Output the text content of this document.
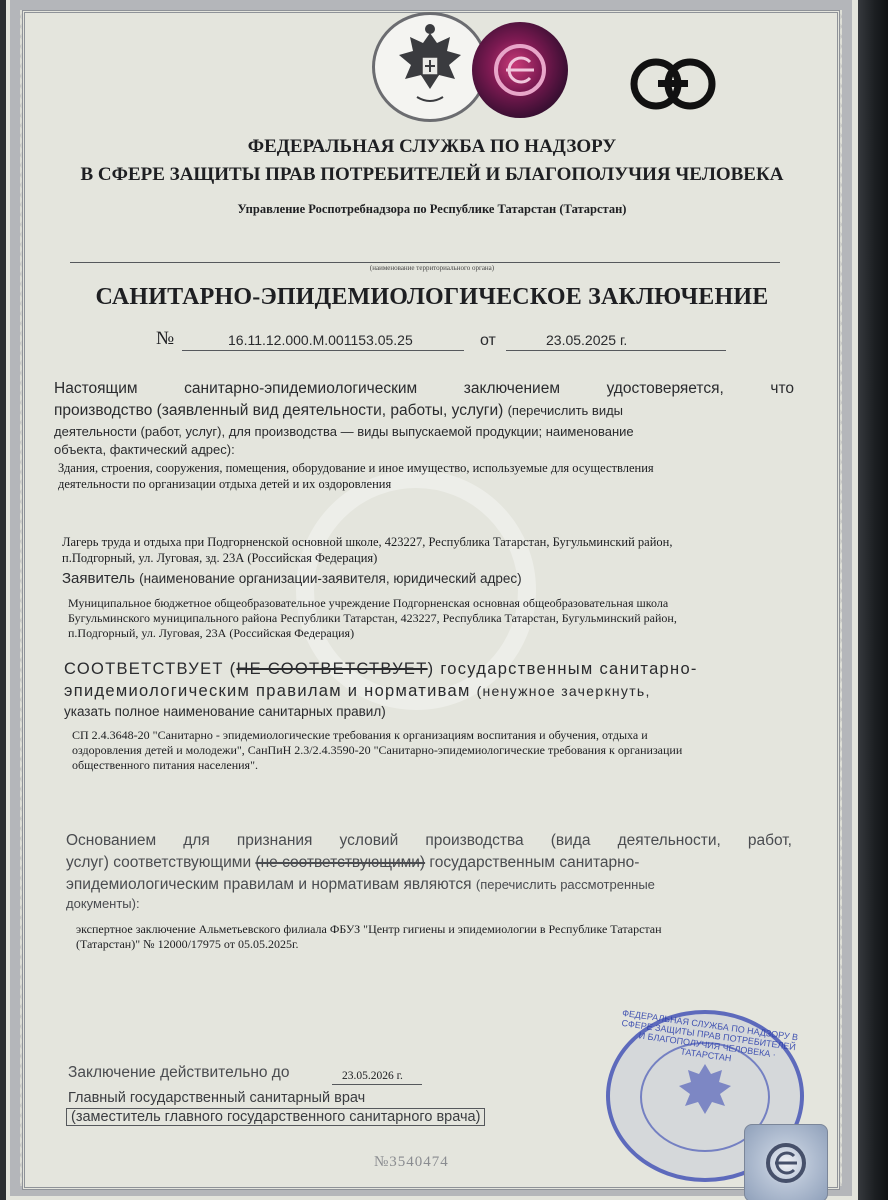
ФЕДЕРАЛЬНАЯ СЛУЖБА ПО НАДЗОРУ
В СФЕРЕ ЗАЩИТЫ ПРАВ ПОТРЕБИТЕЛЕЙ И БЛАГОПОЛУЧИЯ ЧЕЛОВЕКА
Управление Роспотребнадзора по Республике Татарстан (Татарстан)
(наименование территориального органа)
САНИТАРНО-ЭПИДЕМИОЛОГИЧЕСКОЕ ЗАКЛЮЧЕНИЕ
№	16.11.12.000.М.001153.05.25	от	23.05.2025 г.
Настоящим санитарно-эпидемиологическим заключением удостоверяется, что
производство (заявленный вид деятельности, работы, услуги) (перечислить виды
деятельности (работ, услуг), для производства — виды выпускаемой продукции; наименование
объекта, фактический адрес):
Здания, строения, сооружения, помещения, оборудование и иное имущество, используемые для осуществления
деятельности по организации отдыха детей и их оздоровления
Лагерь труда и отдыха при Подгорненской основной школе, 423227, Республика Татарстан, Бугульминский район,
п.Подгорный, ул. Луговая, зд. 23А (Российская Федерация)
Заявитель (наименование организации-заявителя, юридический адрес)
Муниципальное бюджетное общеобразовательное учреждение Подгорненская основная общеобразовательная школа
Бугульминского муниципального района Республики Татарстан, 423227, Республика Татарстан, Бугульминский район,
п.Подгорный, ул. Луговая, 23А (Российская Федерация)
СООТВЕТСТВУЕТ (НЕ СООТВЕТСТВУЕТ) государственным санитарно-
эпидемиологическим правилам и нормативам (ненужное зачеркнуть,
указать полное наименование санитарных правил)
СП 2.4.3648-20 "Санитарно - эпидемиологические требования к организациям воспитания и обучения, отдыха и
оздоровления детей и молодежи", СанПиН 2.3/2.4.3590-20 "Санитарно-эпидемиологические требования к организации
общественного питания населения".
Основанием для признания условий производства (вида деятельности, работ,
услуг) соответствующими (не соответствующими) государственным санитарно-
эпидемиологическим правилам и нормативам являются (перечислить рассмотренные
документы):
экспертное заключение Альметьевского филиала ФБУЗ "Центр гигиены и эпидемиологии в Республике Татарстан
(Татарстан)" № 12000/17975 от 05.05.2025г.
Заключение действительно до	23.05.2026 г.
Главный государственный санитарный врач
(заместитель главного государственного санитарного врача)
№3540474
ФЕДЕРАЛЬНАЯ СЛУЖБА ПО НАДЗОРУ В СФЕРЕ ЗАЩИТЫ ПРАВ ПОТРЕБИТЕЛЕЙ И БЛАГОПОЛУЧИЯ ЧЕЛОВЕКА · ТАТАРСТАН
